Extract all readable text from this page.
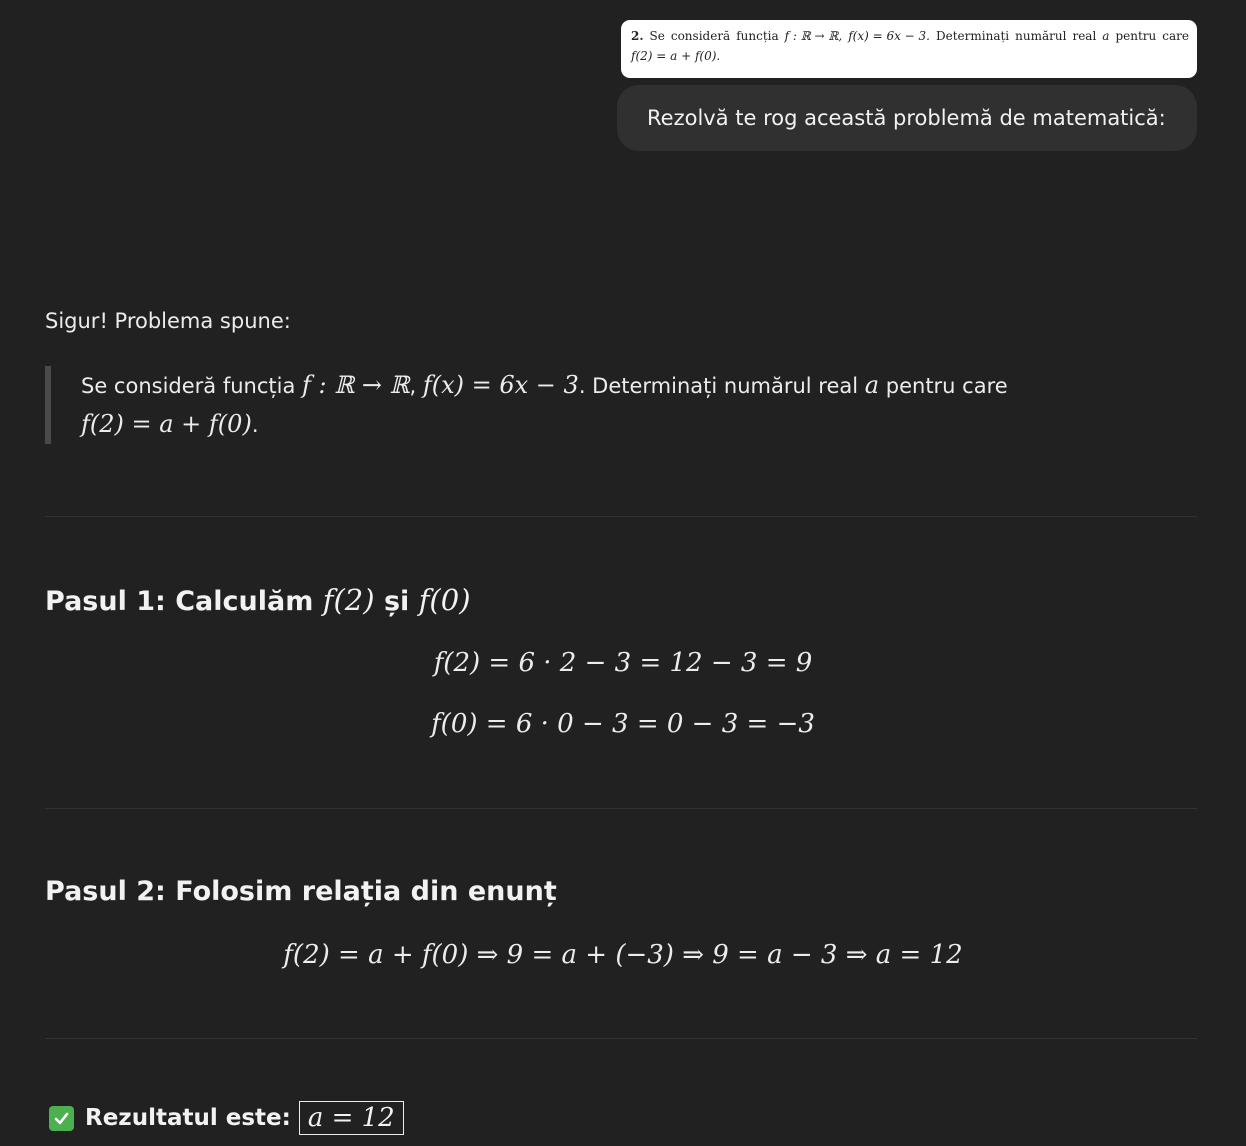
2. Se consideră funcția f : ℝ → ℝ, f(x) = 6x − 3. Determinați numărul real a pentru care
f(2) = a + f(0).
Rezolvă te rog această problemă de matematică:
Sigur! Problema spune:
Se consideră funcția f : ℝ → ℝ, f(x) = 6x − 3. Determinați numărul real a pentru care
f(2) = a + f(0).
Pasul 1: Calculăm f(2) și f(0)
f(2) = 6 · 2 − 3 = 12 − 3 = 9
f(0) = 6 · 0 − 3 = 0 − 3 = −3
Pasul 2: Folosim relația din enunț
f(2) = a + f(0) ⇒ 9 = a + (−3) ⇒ 9 = a − 3 ⇒ a = 12
Rezultatul este: a = 12
